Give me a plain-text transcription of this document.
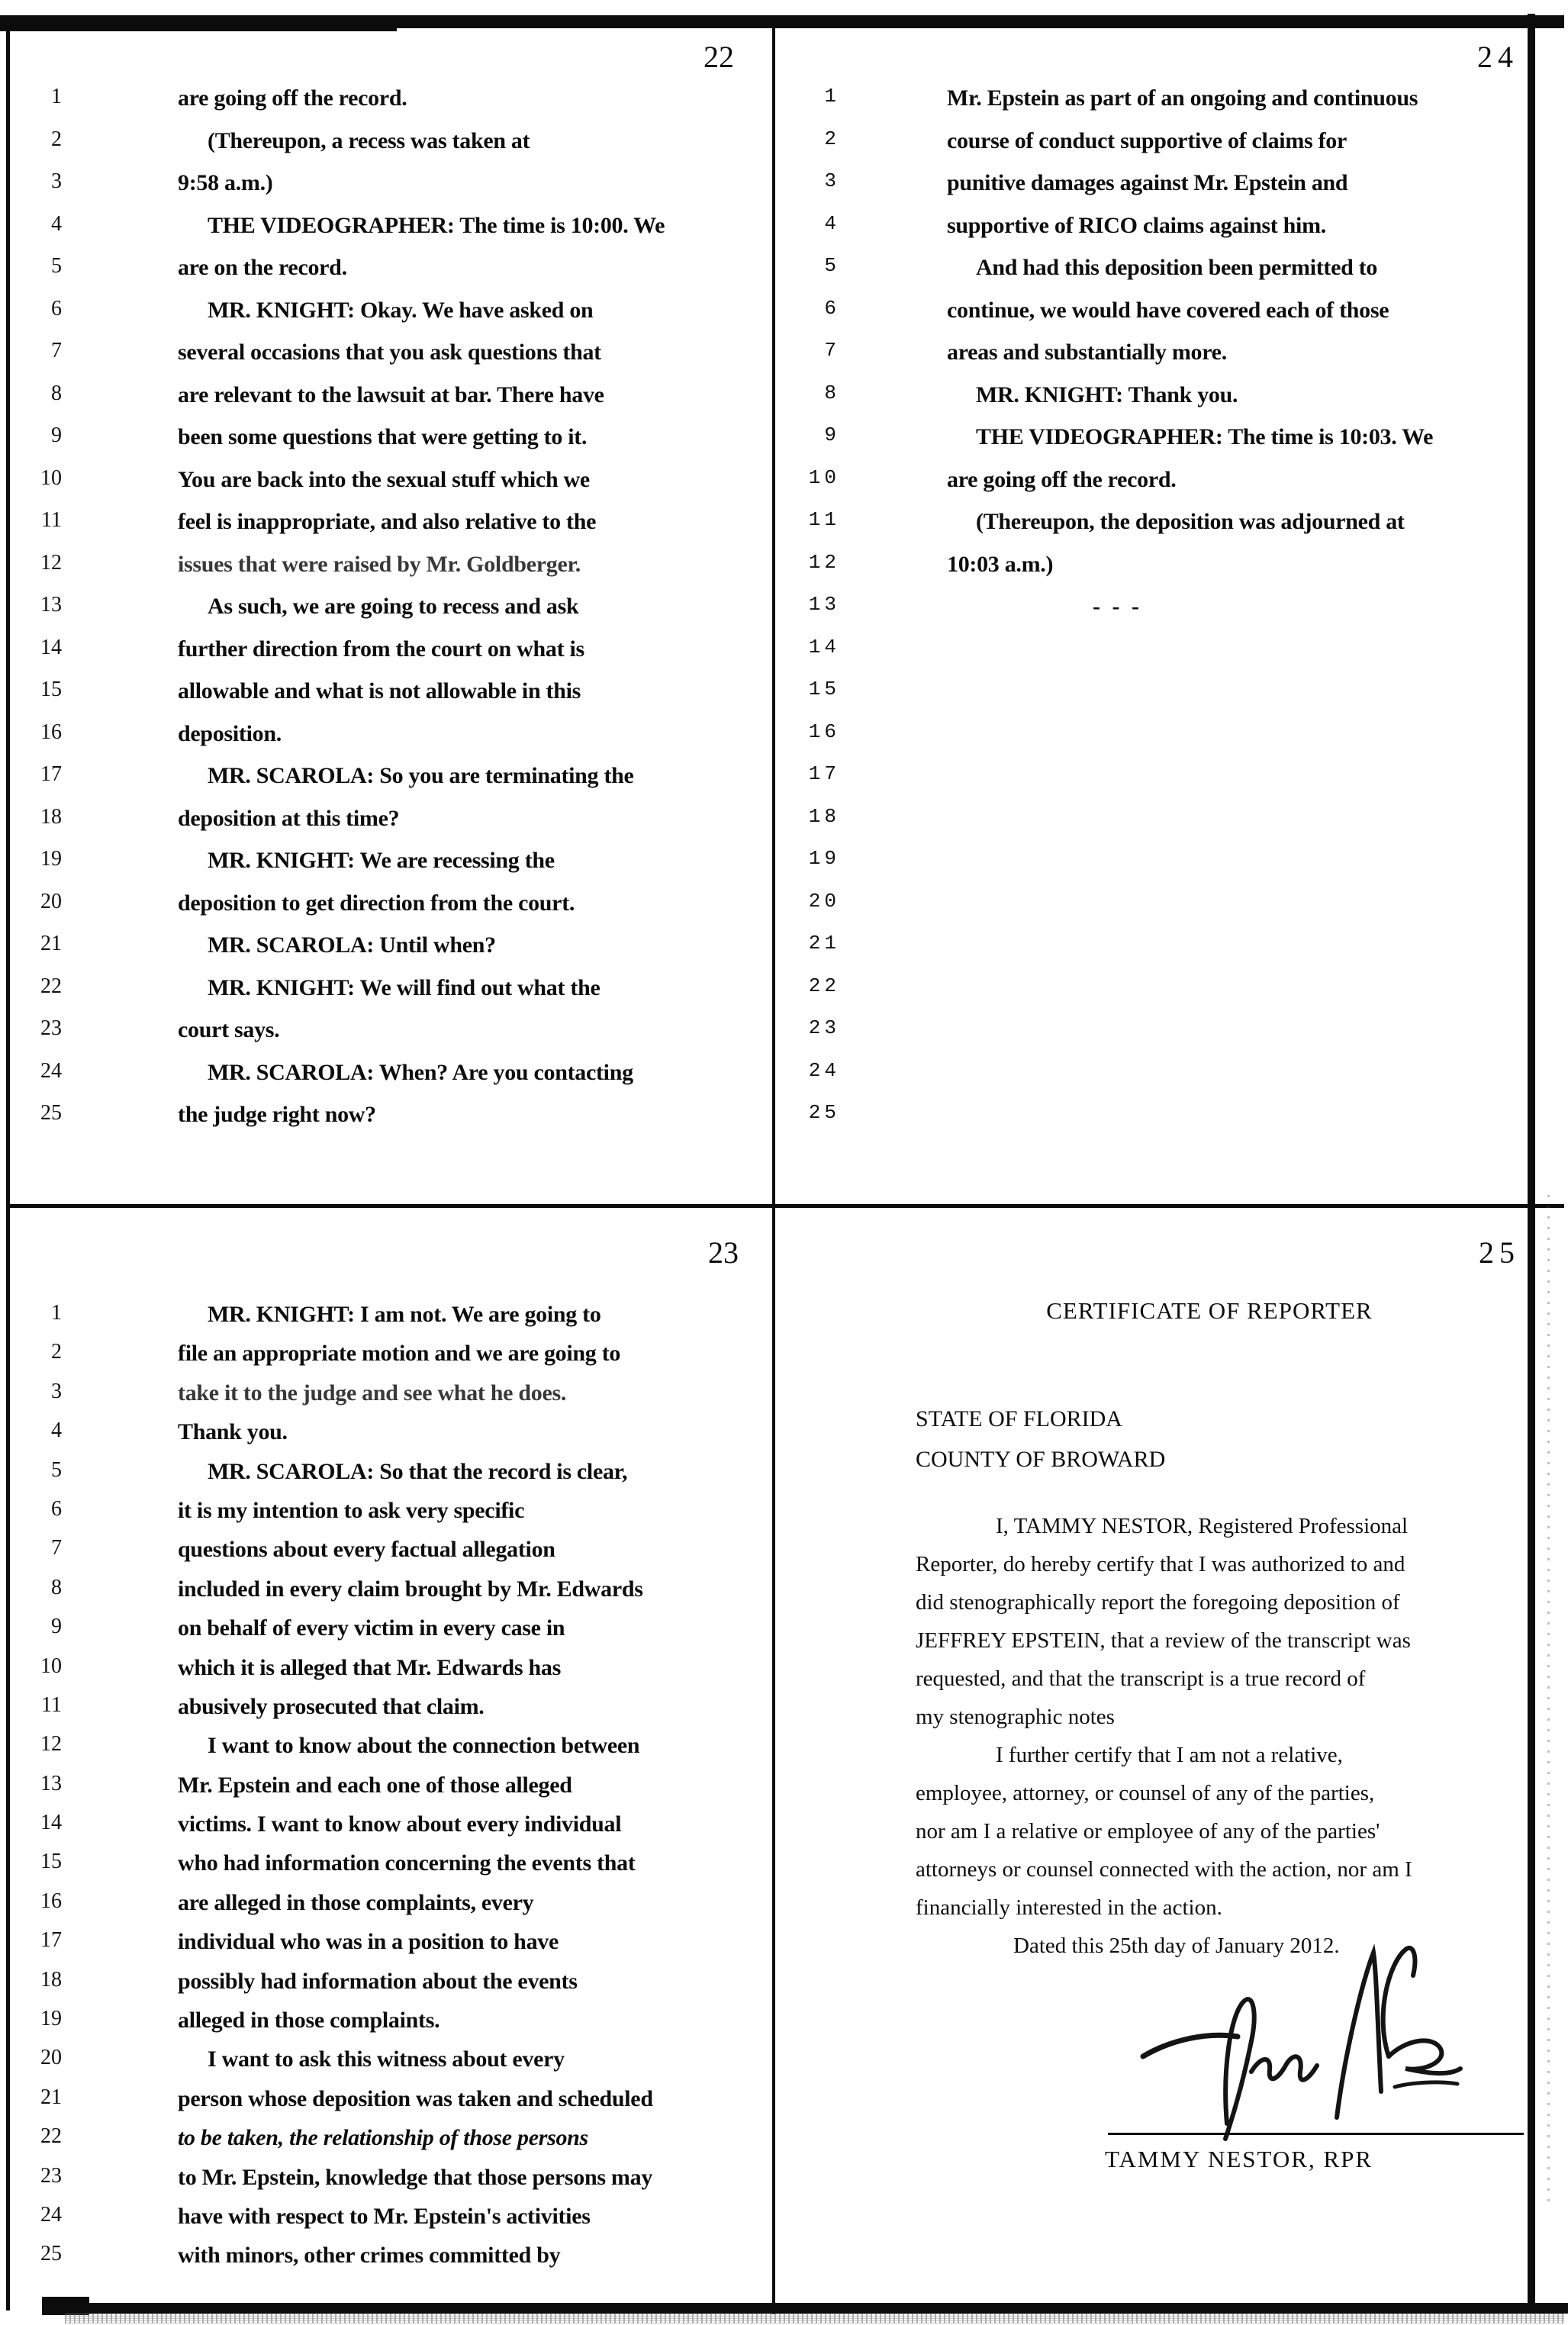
22
1	are going off the record.
2	(Thereupon, a recess was taken at
3	9:58 a.m.)
4	THE VIDEOGRAPHER: The time is 10:00. We
5	are on the record.
6	MR. KNIGHT: Okay. We have asked on
7	several occasions that you ask questions that
8	are relevant to the lawsuit at bar. There have
9	been some questions that were getting to it.
10	You are back into the sexual stuff which we
11	feel is inappropriate, and also relative to the
12	issues that were raised by Mr. Goldberger.
13	As such, we are going to recess and ask
14	further direction from the court on what is
15	allowable and what is not allowable in this
16	deposition.
17	MR. SCAROLA: So you are terminating the
18	deposition at this time?
19	MR. KNIGHT: We are recessing the
20	deposition to get direction from the court.
21	MR. SCAROLA: Until when?
22	MR. KNIGHT: We will find out what the
23	court says.
24	MR. SCAROLA: When? Are you contacting
25	the judge right now?
24
1	Mr. Epstein as part of an ongoing and continuous
2	course of conduct supportive of claims for
3	punitive damages against Mr. Epstein and
4	supportive of RICO claims against him.
5	And had this deposition been permitted to
6	continue, we would have covered each of those
7	areas and substantially more.
8	MR. KNIGHT: Thank you.
9	THE VIDEOGRAPHER: The time is 10:03. We
10	are going off the record.
11	(Thereupon, the deposition was adjourned at
12	10:03 a.m.)
13	- - -
14
15
16
17
18
19
20
21
22
23
24
25
23
1	MR. KNIGHT: I am not. We are going to
2	file an appropriate motion and we are going to
3	take it to the judge and see what he does.
4	Thank you.
5	MR. SCAROLA: So that the record is clear,
6	it is my intention to ask very specific
7	questions about every factual allegation
8	included in every claim brought by Mr. Edwards
9	on behalf of every victim in every case in
10	which it is alleged that Mr. Edwards has
11	abusively prosecuted that claim.
12	I want to know about the connection between
13	Mr. Epstein and each one of those alleged
14	victims. I want to know about every individual
15	who had information concerning the events that
16	are alleged in those complaints, every
17	individual who was in a position to have
18	possibly had information about the events
19	alleged in those complaints.
20	I want to ask this witness about every
21	person whose deposition was taken and scheduled
22	to be taken, the relationship of those persons
23	to Mr. Epstein, knowledge that those persons may
24	have with respect to Mr. Epstein's activities
25	with minors, other crimes committed by
25
CERTIFICATE OF REPORTER
STATE OF FLORIDA
COUNTY OF BROWARD
I, TAMMY NESTOR, Registered Professional
Reporter, do hereby certify that I was authorized to and
did stenographically report the foregoing deposition of
JEFFREY EPSTEIN, that a review of the transcript was
requested, and that the transcript is a true record of
my stenographic notes
I further certify that I am not a relative,
employee, attorney, or counsel of any of the parties,
nor am I a relative or employee of any of the parties'
attorneys or counsel connected with the action, nor am I
financially interested in the action.
Dated this 25th day of January 2012.
TAMMY NESTOR, RPR
